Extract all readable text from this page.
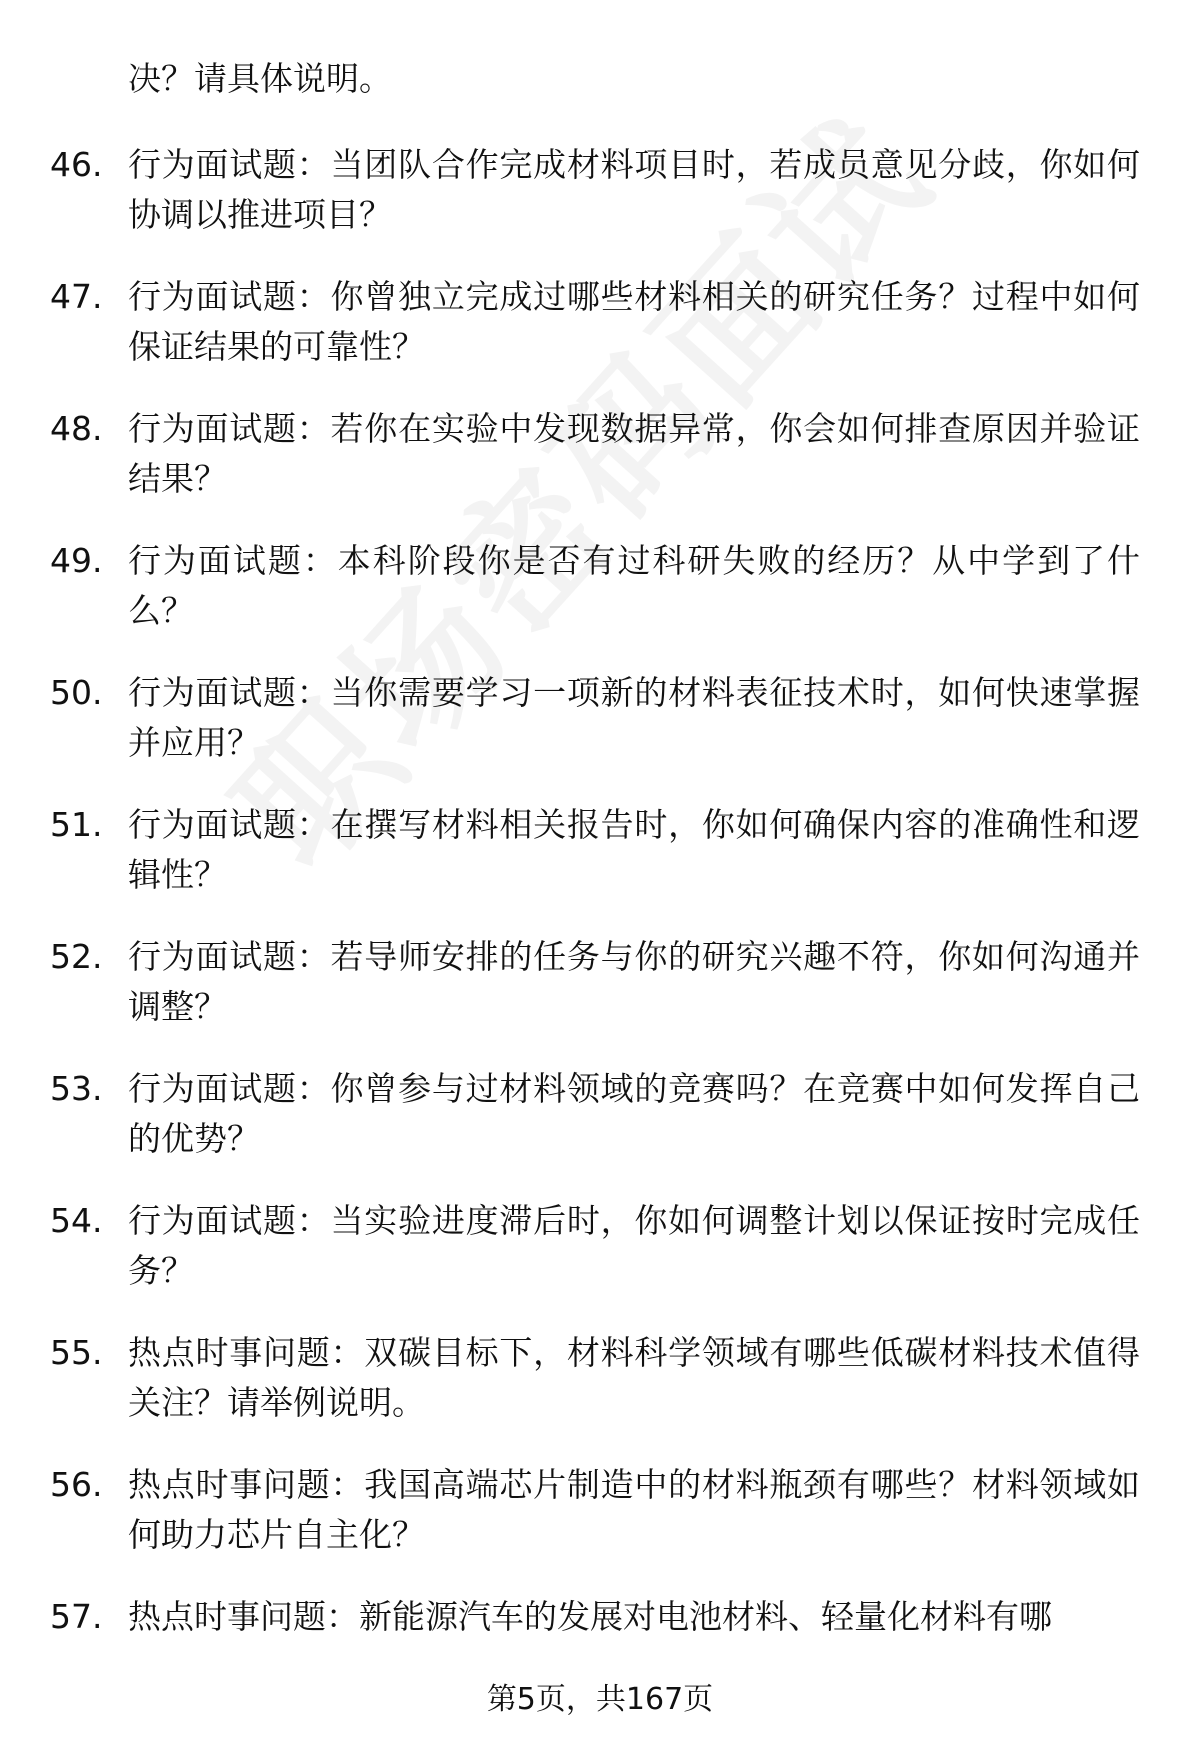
决？请具体说明。
46. 行为面试题：当团队合作完成材料项目时，若成员意见分歧，你如何协调以推进项目？
47. 行为面试题：你曾独立完成过哪些材料相关的研究任务？过程中如何保证结果的可靠性？
48. 行为面试题：若你在实验中发现数据异常，你会如何排查原因并验证结果？
49. 行为面试题：本科阶段你是否有过科研失败的经历？从中学到了什么？
50. 行为面试题：当你需要学习一项新的材料表征技术时，如何快速掌握并应用？
51. 行为面试题：在撰写材料相关报告时，你如何确保内容的准确性和逻辑性？
52. 行为面试题：若导师安排的任务与你的研究兴趣不符，你如何沟通并调整？
53. 行为面试题：你曾参与过材料领域的竞赛吗？在竞赛中如何发挥自己的优势？
54. 行为面试题：当实验进度滞后时，你如何调整计划以保证按时完成任务？
55. 热点时事问题：双碳目标下，材料科学领域有哪些低碳材料技术值得关注？请举例说明。
56. 热点时事问题：我国高端芯片制造中的材料瓶颈有哪些？材料领域如何助力芯片自主化？
57. 热点时事问题：新能源汽车的发展对电池材料、轻量化材料有哪
第5页，共167页
